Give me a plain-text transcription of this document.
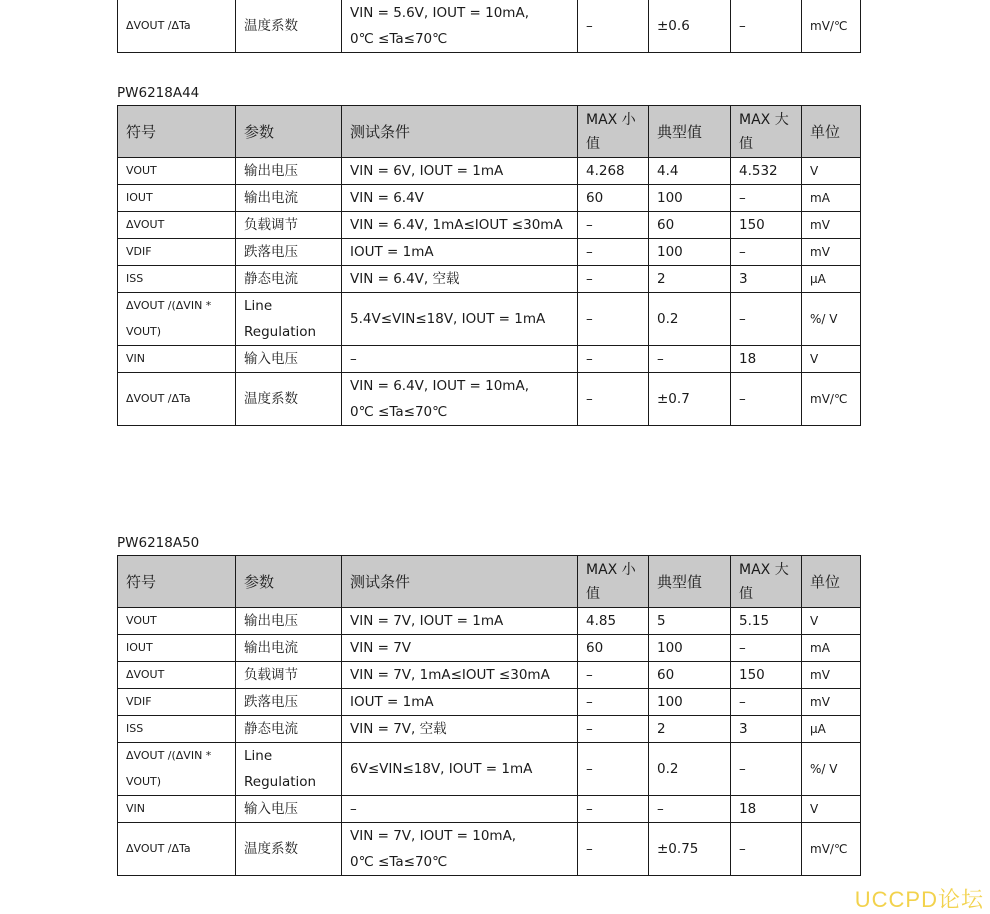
ΔVOUT /ΔTa	温度系数	
VIN = 5.6V, IOUT = 10mA,
0℃ ≤Ta≤70℃
	–	±0.6	–	mV/℃
PW6218A44
符号	参数	测试条件	MAX 小值	典型值	MAX 大值	单位
VOUT	输出电压	VIN = 6V, IOUT = 1mA	4.268	4.4	4.532	V
IOUT	输出电流	VIN = 6.4V	60	100	–	mA
ΔVOUT	负载调节	VIN = 6.4V, 1mA≤IOUT ≤30mA	–	60	150	mV
VDIF	跌落电压	IOUT = 1mA	–	100	–	mV
ISS	静态电流	VIN = 6.4V, 空载	–	2	3	μA
ΔVOUT /(ΔVIN * VOUT)	Line Regulation	5.4V≤VIN≤18V, IOUT = 1mA	–	0.2	–	%/ V
VIN	输入电压	–	–	–	18	V
ΔVOUT /ΔTa	温度系数	VIN = 6.4V, IOUT = 10mA,
0℃ ≤Ta≤70℃	–	±0.7	–	mV/℃
PW6218A50
符号	参数	测试条件	MAX 小值	典型值	MAX 大值	单位
VOUT	输出电压	VIN = 7V, IOUT = 1mA	4.85	5	5.15	V
IOUT	输出电流	VIN = 7V	60	100	–	mA
ΔVOUT	负载调节	VIN = 7V, 1mA≤IOUT ≤30mA	–	60	150	mV
VDIF	跌落电压	IOUT = 1mA	–	100	–	mV
ISS	静态电流	VIN = 7V, 空载	–	2	3	μA
ΔVOUT /(ΔVIN * VOUT)	Line Regulation	6V≤VIN≤18V, IOUT = 1mA	–	0.2	–	%/ V
VIN	输入电压	–	–	–	18	V
ΔVOUT /ΔTa	温度系数	VIN = 7V, IOUT = 10mA,
0℃ ≤Ta≤70℃	–	±0.75	–	mV/℃
UCCPD论坛
